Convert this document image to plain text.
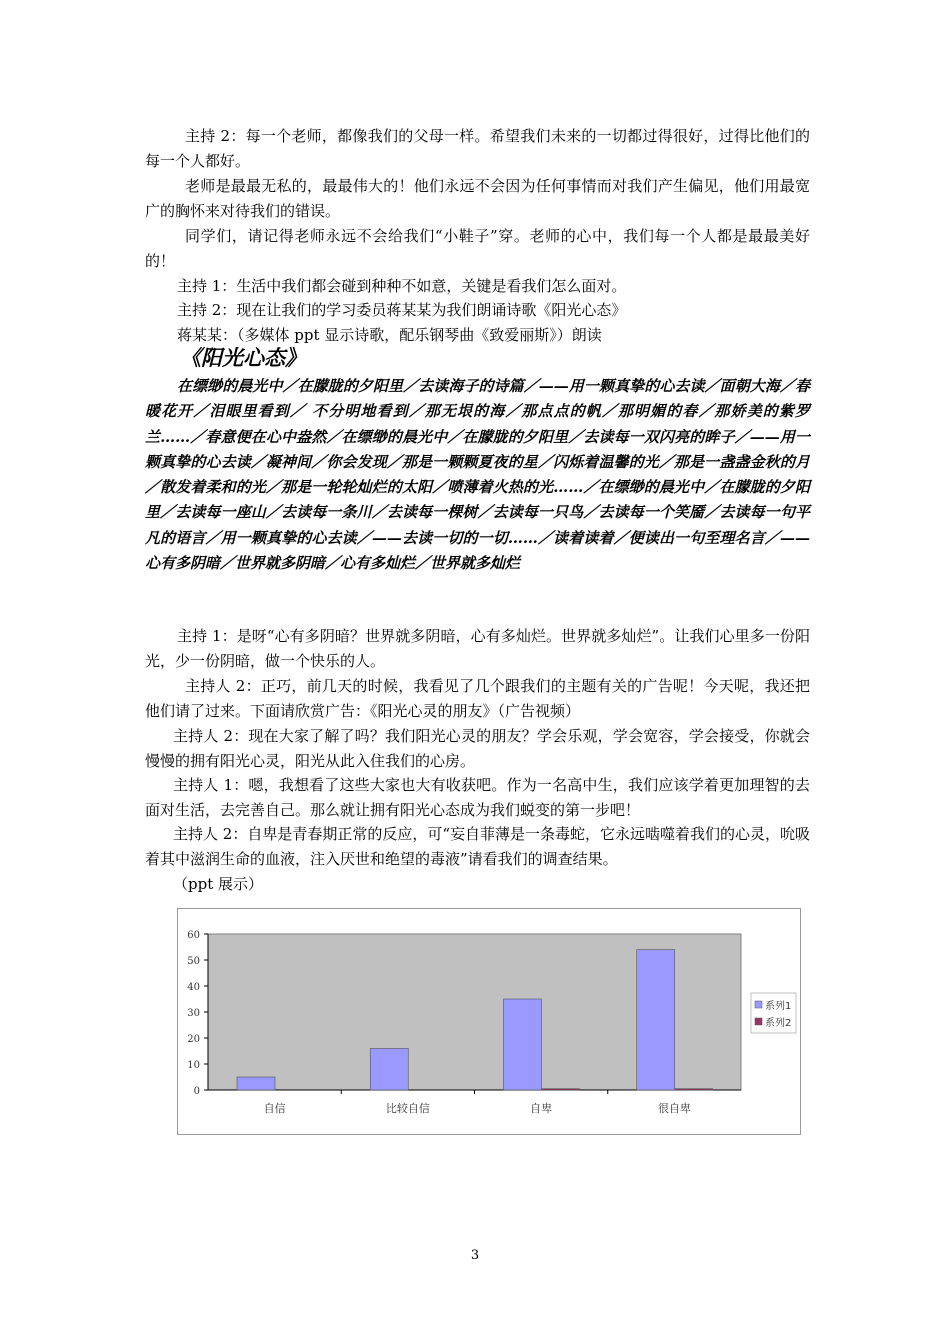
主持 2：每一个老师，都像我们的父母一样。希望我们未来的一切都过得很好，过得比他们的每一个人都好。

老师是最最无私的，最最伟大的！他们永远不会因为任何事情而对我们产生偏见，他们用最宽广的胸怀来对待我们的错误。

同学们，请记得老师永远不会给我们“小鞋子”穿。老师的心中，我们每一个人都是最最美好的！

主持 1：生活中我们都会碰到种种不如意，关键是看我们怎么面对。

主持 2：现在让我们的学习委员蒋某某为我们朗诵诗歌《阳光心态》

蒋某某：（多媒体 ppt 显示诗歌，配乐钢琴曲《致爱丽斯》）朗读

《阳光心态》

在缥缈的晨光中／在朦胧的夕阳里／去读海子的诗篇／——用一颗真挚的心去读／面朝大海／春暖花开／泪眼里看到／ 不分明地看到／那无垠的海／那点点的帆／那明媚的春／那娇美的紫罗兰……／春意便在心中盎然／在缥缈的晨光中／在朦胧的夕阳里／去读每一双闪亮的眸子／——用一颗真挚的心去读／凝神间／你会发现／那是一颗颗夏夜的星／闪烁着温馨的光／那是一盏盏金秋的月／散发着柔和的光／那是一轮轮灿烂的太阳／喷薄着火热的光……／在缥缈的晨光中／在朦胧的夕阳里／去读每一座山／去读每一条川／去读每一棵树／去读每一只鸟／去读每一个笑靥／去读每一句平凡的语言／用一颗真挚的心去读／——去读一切的一切……／读着读着／便读出一句至理名言／——心有多阴暗／世界就多阴暗／心有多灿烂／世界就多灿烂

主持 1：是呀“心有多阴暗？世界就多阴暗，心有多灿烂。世界就多灿烂”。让我们心里多一份阳光，少一份阴暗，做一个快乐的人。

主持人 2：正巧，前几天的时候，我看见了几个跟我们的主题有关的广告呢！今天呢，我还把他们请了过来。下面请欣赏广告：《阳光心灵的朋友》（广告视频）

主持人 2：现在大家了解了吗？我们阳光心灵的朋友？学会乐观，学会宽容，学会接受，你就会慢慢的拥有阳光心灵，阳光从此入住我们的心房。

主持人 1：嗯，我想看了这些大家也大有收获吧。作为一名高中生，我们应该学着更加理智的去面对生活，去完善自己。那么就让拥有阳光心态成为我们蜕变的第一步吧！

主持人 2：自卑是青春期正常的反应，可“妄自菲薄是一条毒蛇，它永远啮噬着我们的心灵，吮吸着其中滋润生命的血液，注入厌世和绝望的毒液”请看我们的调查结果。

（ppt 展示）

0
10
20
30
40
50
60
自信	比较自信	自卑	很自卑
系列1
系列2
3
